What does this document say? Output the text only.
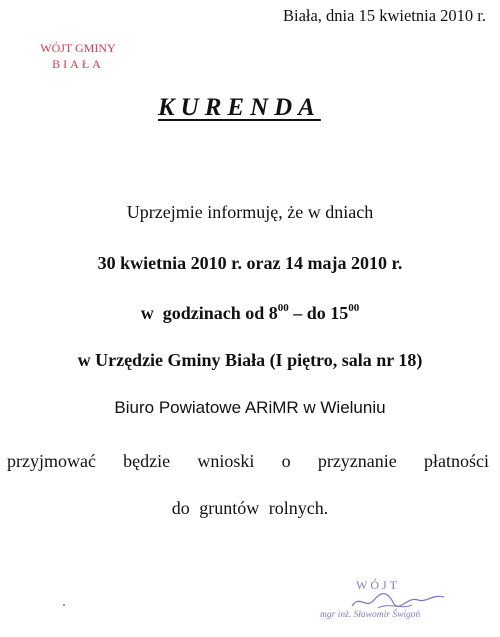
Biała, dnia 15 kwietnia 2010 r.
WÓJT GMINY
BIAŁA
KURENDA
Uprzejmie informuję, że w dniach
30 kwietnia 2010 r. oraz 14 maja 2010 r.
w  godzinach od $8^{00}$ – do $15^{00}$
w Urzędzie Gminy Biała (I piętro, sala nr 18)
Biuro Powiatowe ARiMR w Wieluniu
przyjmować będzie wnioski o przyznanie płatności
do gruntów rolnych.
WÓJT
mgr inż. Sławomir Świgoń
